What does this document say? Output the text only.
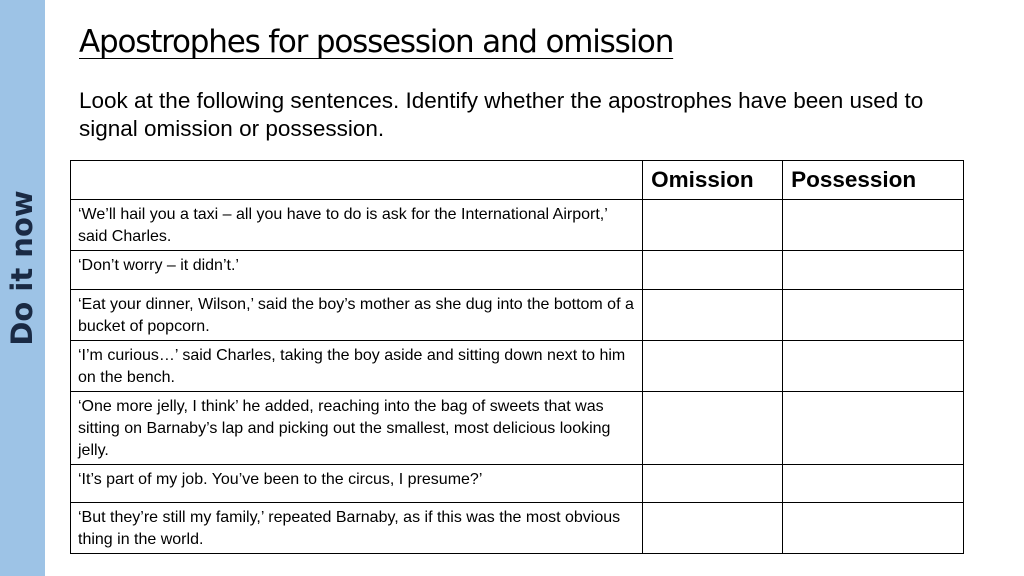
Do it now
Apostrophes for possession and omission
Look at the following sentences. Identify whether the apostrophes have been used to signal omission or possession.
	Omission	Possession
‘We’ll hail you a taxi – all you have to do is ask for the International Airport,’ said Charles.		
‘Don’t worry – it didn’t.’		
‘Eat your dinner, Wilson,’ said the boy’s mother as she dug into the bottom of a bucket of popcorn.		
‘I’m curious…’ said Charles, taking the boy aside and sitting down next to him on the bench.		
‘One more jelly, I think’ he added, reaching into the bag of sweets that was sitting on Barnaby’s lap and picking out the smallest, most delicious looking jelly.		
‘It’s part of my job. You’ve been to the circus, I presume?’		
‘But they’re still my family,’ repeated Barnaby, as if this was the most obvious thing in the world.		
